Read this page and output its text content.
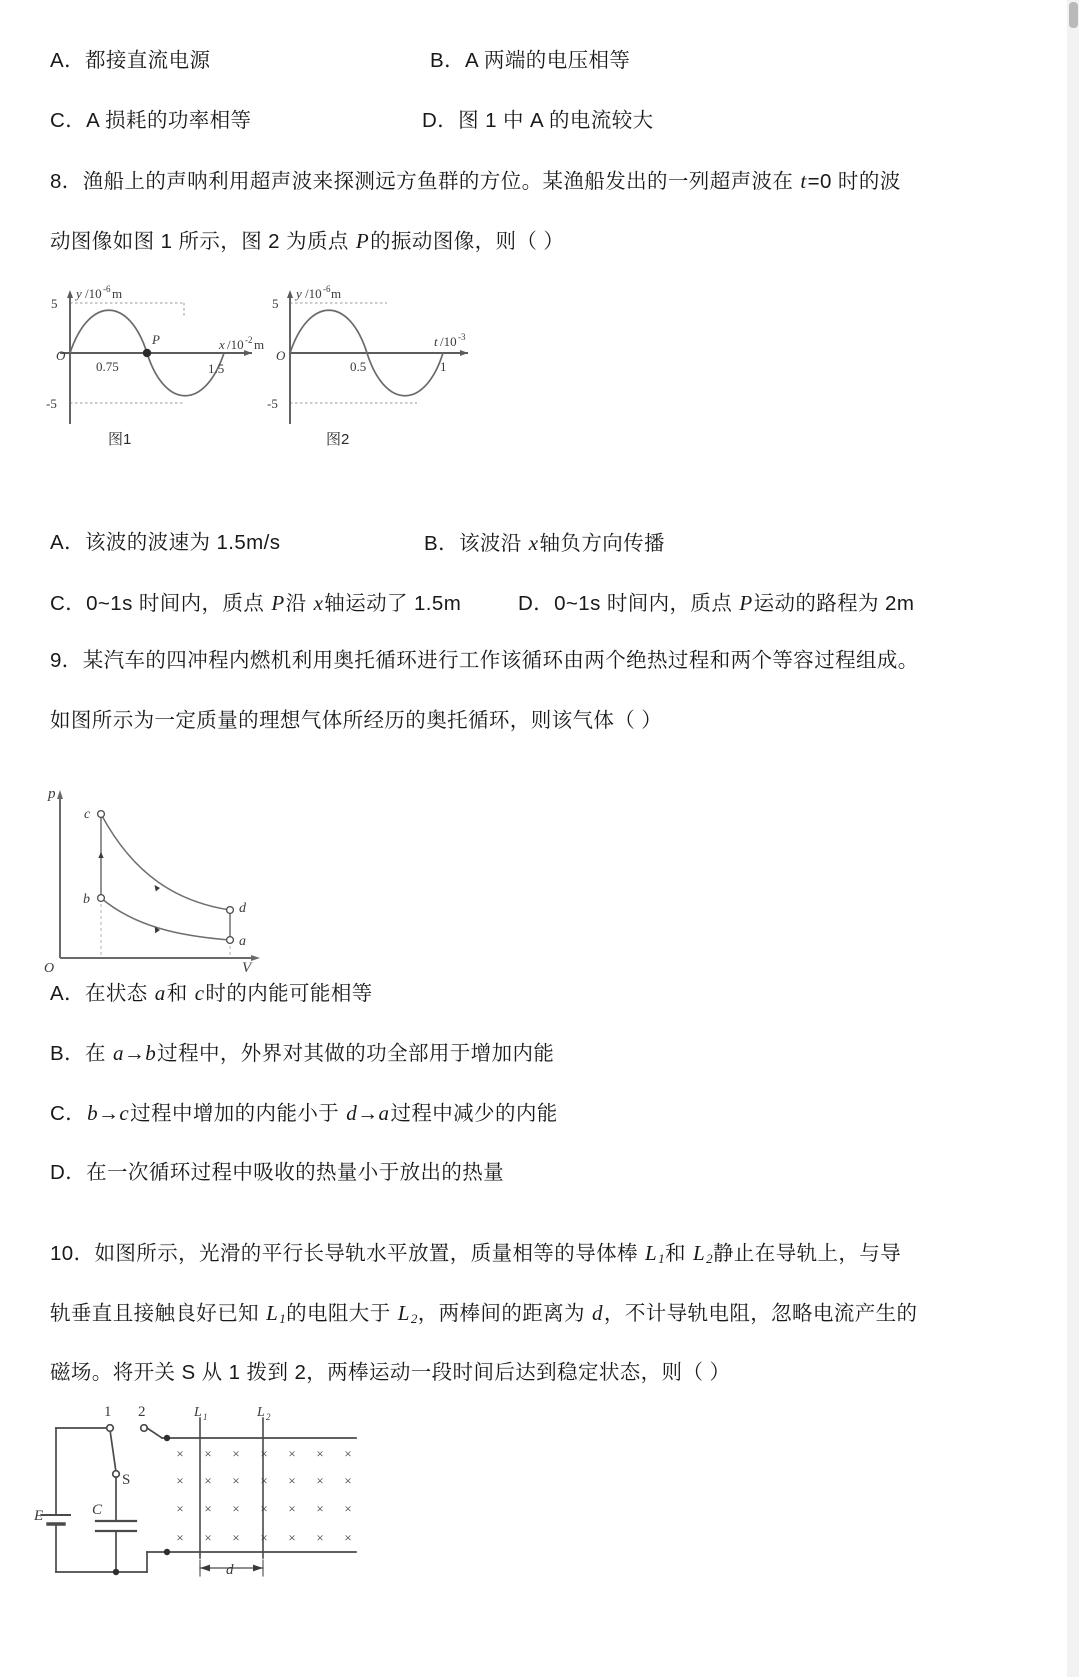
A．都接直流电源	B．A 两端的电压相等
C．A 损耗的功率相等	D．图 1 中 A 的电流较大
8．渔船上的声呐利用超声波来探测远方鱼群的方位。某渔船发出的一列超声波在 t=0 时的波
动图像如图 1 所示，图 2 为质点 P的振动图像，则（ ）
y /10 -6 m
x /10 -2 m
5
-5
O
0.75	1.5
P
图1
y /10 -6 m
t /10 -3
5
-5
O
0.5	1
图2
A．该波的波速为 1.5m/s	B．该波沿 x轴负方向传播
C．0~1s 时间内，质点 P沿 x轴运动了 1.5m	D．0~1s 时间内，质点 P运动的路程为 2m
9．某汽车的四冲程内燃机利用奥托循环进行工作该循环由两个绝热过程和两个等容过程组成。
如图所示为一定质量的理想气体所经历的奥托循环，则该气体（ ）
p
V
O
c
b
d
a
A．在状态 a和 c时的内能可能相等
B．在 a→b过程中，外界对其做的功全部用于增加内能
C．b→c过程中增加的内能小于 d→a过程中减少的内能
D．在一次循环过程中吸收的热量小于放出的热量
10．如图所示，光滑的平行长导轨水平放置，质量相等的导体棒 $L_1$和 $L_2$静止在导轨上，与导
轨垂直且接触良好已知 $L_1$的电阻大于 $L_2$，两棒间的距离为 d，不计导轨电阻，忽略电流产生的
磁场。将开关 S 从 1 拨到 2，两棒运动一段时间后达到稳定状态，则（ ）
× × × × × × ×
× × × × × × ×
× × × × × × ×
× × × × × × ×
1 2
S
E	C
L 1	L 2
d
